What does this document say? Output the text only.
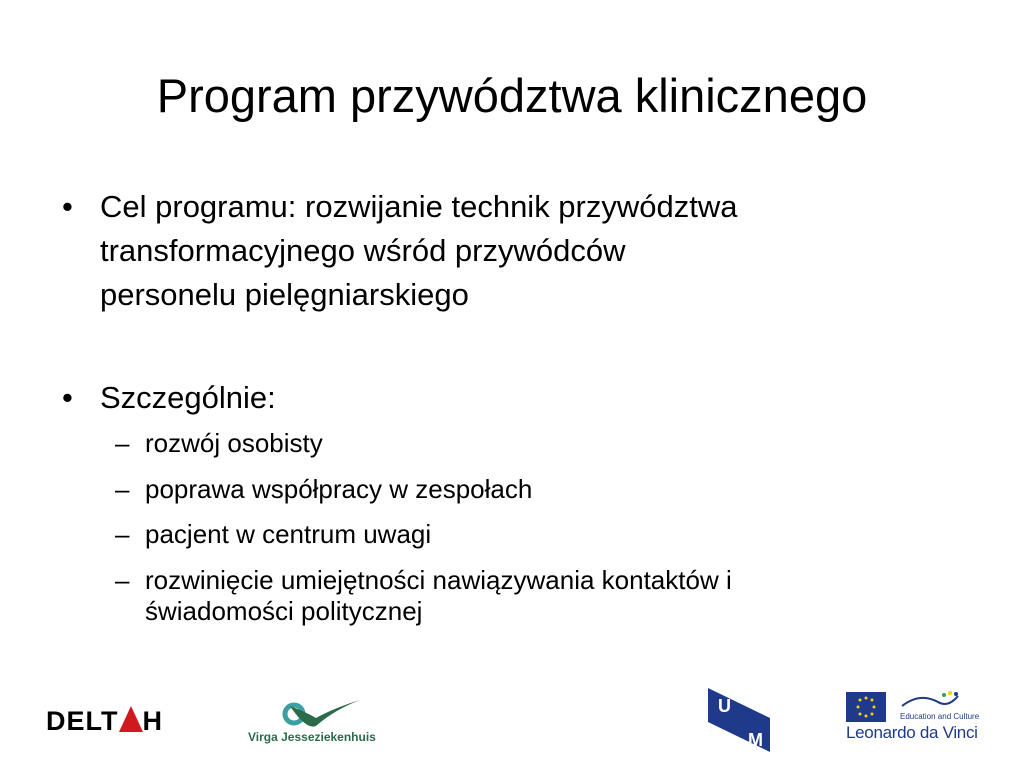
Program przywództwa klinicznego
• Cel programu: rozwijanie technik przywództwa
transformacyjnego wśród przywódców
personelu pielęgniarskiego
• Szczególnie:
– rozwój osobisty
– poprawa współpracy w zespołach
– pacjent w centrum uwagi
– rozwinięcie umiejętności nawiązywania kontaktów i
świadomości politycznej
DELT H
Virga Jesseziekenhuis
U
M
Education and Culture
Leonardo da Vinci
